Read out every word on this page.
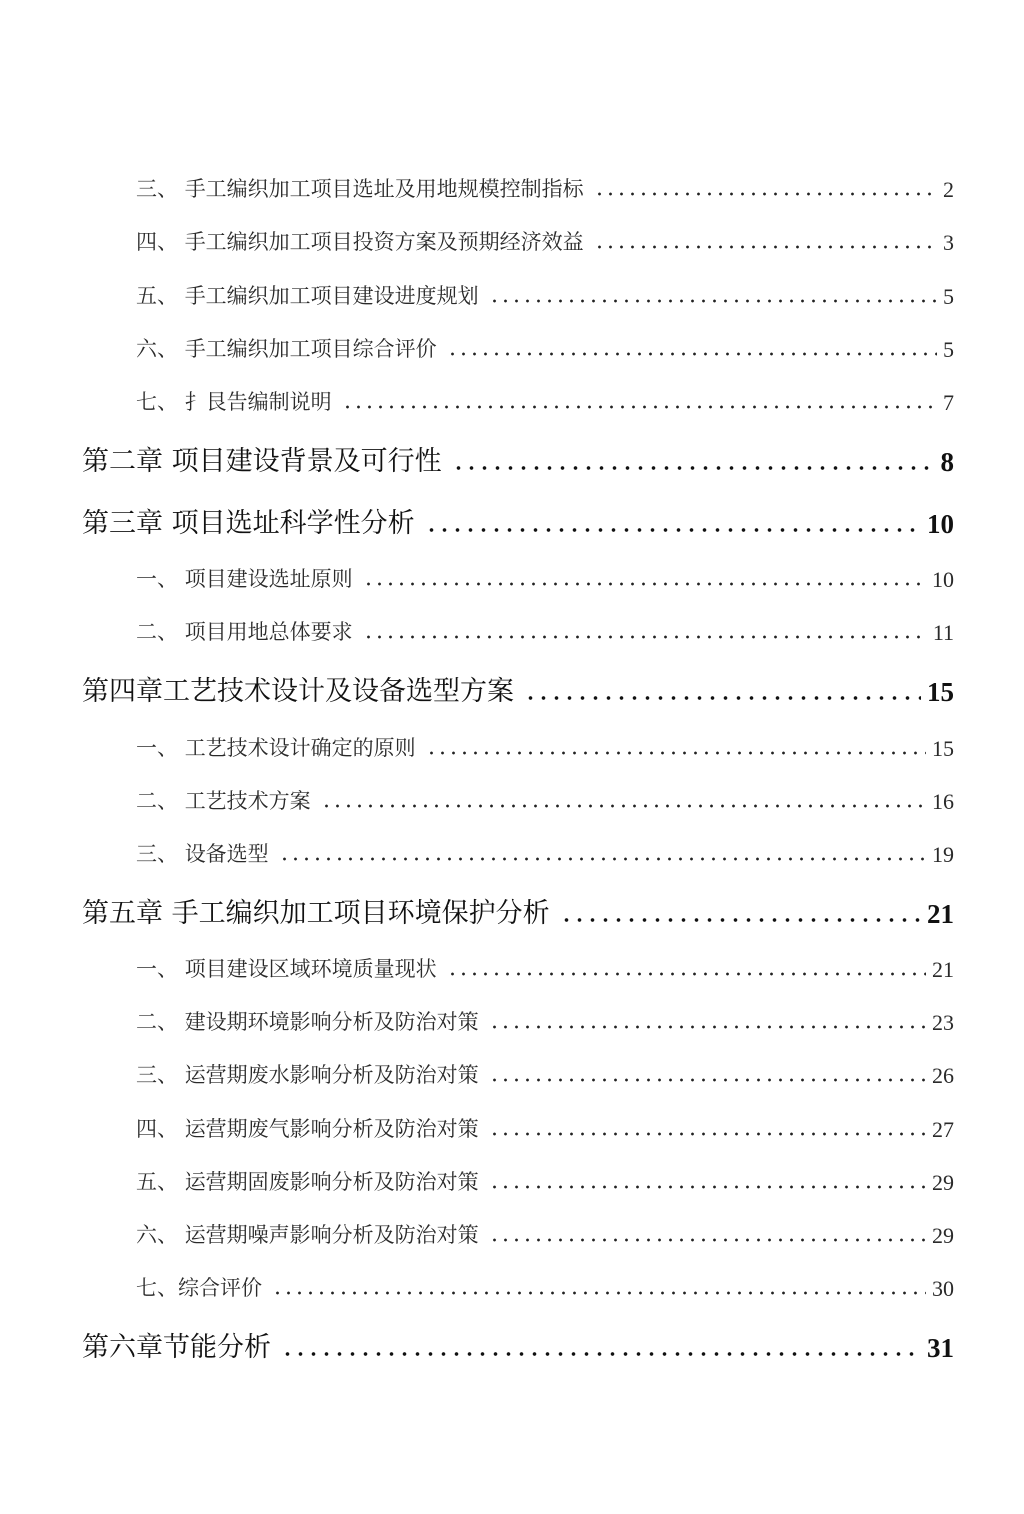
三、 手工编织加工项目选址及用地规模控制指标	2
四、 手工编织加工项目投资方案及预期经济效益	3
五、 手工编织加工项目建设进度规划	5
六、 手工编织加工项目综合评价	5
七、 扌艮告编制说明	7
第二章 项目建设背景及可行性	8
第三章 项目选址科学性分析	10
一、 项目建设选址原则	10
二、 项目用地总体要求	11
第四章 工艺技术设计及设备选型方案	15
一、 工艺技术设计确定的原则	15
二、 工艺技术方案	16
三、 设备选型	19
第五章 手工编织加工项目环境保护分析	21
一、 项目建设区域环境质量现状	21
二、 建设期环境影响分析及防治对策	23
三、 运营期废水影响分析及防治对策	26
四、 运营期废气影响分析及防治对策	27
五、 运营期固废影响分析及防治对策	29
六、 运营期噪声影响分析及防治对策	29
七、 综合评价	30
第六章 节能分析	31
